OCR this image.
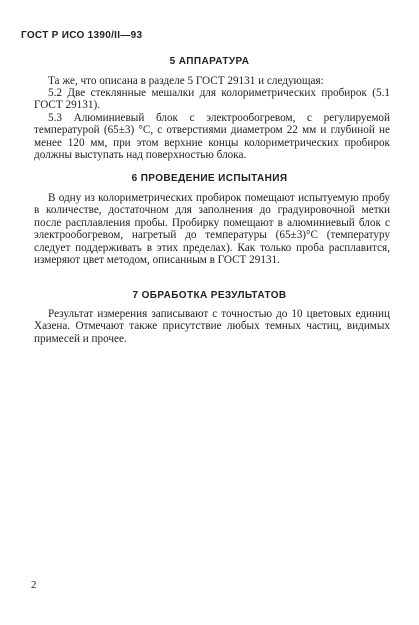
ГОСТ Р ИСО 1390/II—93
5 АППАРАТУРА
Та же, что описана в разделе 5 ГОСТ 29131 и следующая:

5.2 Две стеклянные мешалки для колориметрических пробирок (5.1 ГОСТ 29131).

5.3 Алюминиевый блок с электрообогревом, с регулируемой температурой (65±3) °С, с отверстиями диаметром 22 мм и глубиной не менее 120 мм, при этом верхние концы колориметрических пробирок должны выступать над поверхностью блока.

6 ПРОВЕДЕНИЕ ИСПЫТАНИЯ

В одну из колориметрических пробирок помещают испытуемую пробу в количестве, достаточном для заполнения до градуировочной метки после расплавления пробы. Пробирку помещают в алюминиевый блок с электрообогревом, нагретый до температуры (65±3)°С (температуру следует поддерживать в этих пределах). Как только проба расплавится, измеряют цвет методом, описанным в ГОСТ 29131.

7 ОБРАБОТКА РЕЗУЛЬТАТОВ

Результат измерения записывают с точностью до 10 цветовых единиц Хазена. Отмечают также присутствие любых темных частиц, видимых примесей и прочее.

2
